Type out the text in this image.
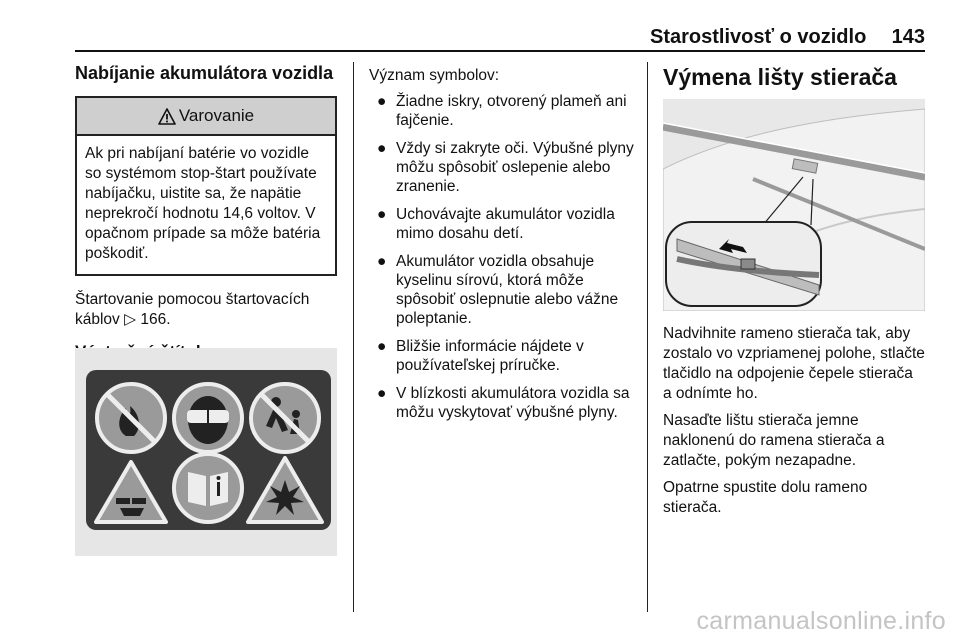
Starostlivosť o vozidlo 143
Nabíjanie akumulátora vozidla
Varovanie
Ak pri nabíjaní batérie vo vozidle so systémom stop-štart používate nabíjačku, uistite sa, že napätie neprekročí hodnotu 14,6 voltov. V opačnom prípade sa môže batéria poškodiť.

Štartovanie pomocou štartovacích káblov ▷ 166.

Význam symbolov:

● Žiadne iskry, otvorený plameň ani fajčenie.
● Vždy si zakryte oči. Výbušné plyny môžu spôsobiť oslepenie alebo zranenie.
● Uchovávajte akumulátor vozidla mimo dosahu detí.
● Akumulátor vozidla obsahuje kyselinu sírovú, ktorá môže spôsobiť oslepnutie alebo vážne poleptanie.
● Bližšie informácie nájdete v používateľskej príručke.
● V blízkosti akumulátora vozidla sa môžu vyskytovať výbušné plyny.
Výmena lišty stierača

Nadvihnite rameno stierača tak, aby zostalo vo vzpriamenej polohe, stlačte tlačidlo na odpojenie čepele stierača a odnímte ho.

Nasaďte lištu stierača jemne naklonenú do ramena stierača a zatlačte, pokým nezapadne.

Opatrne spustite dolu rameno stierača.

carmanualsonline.info
